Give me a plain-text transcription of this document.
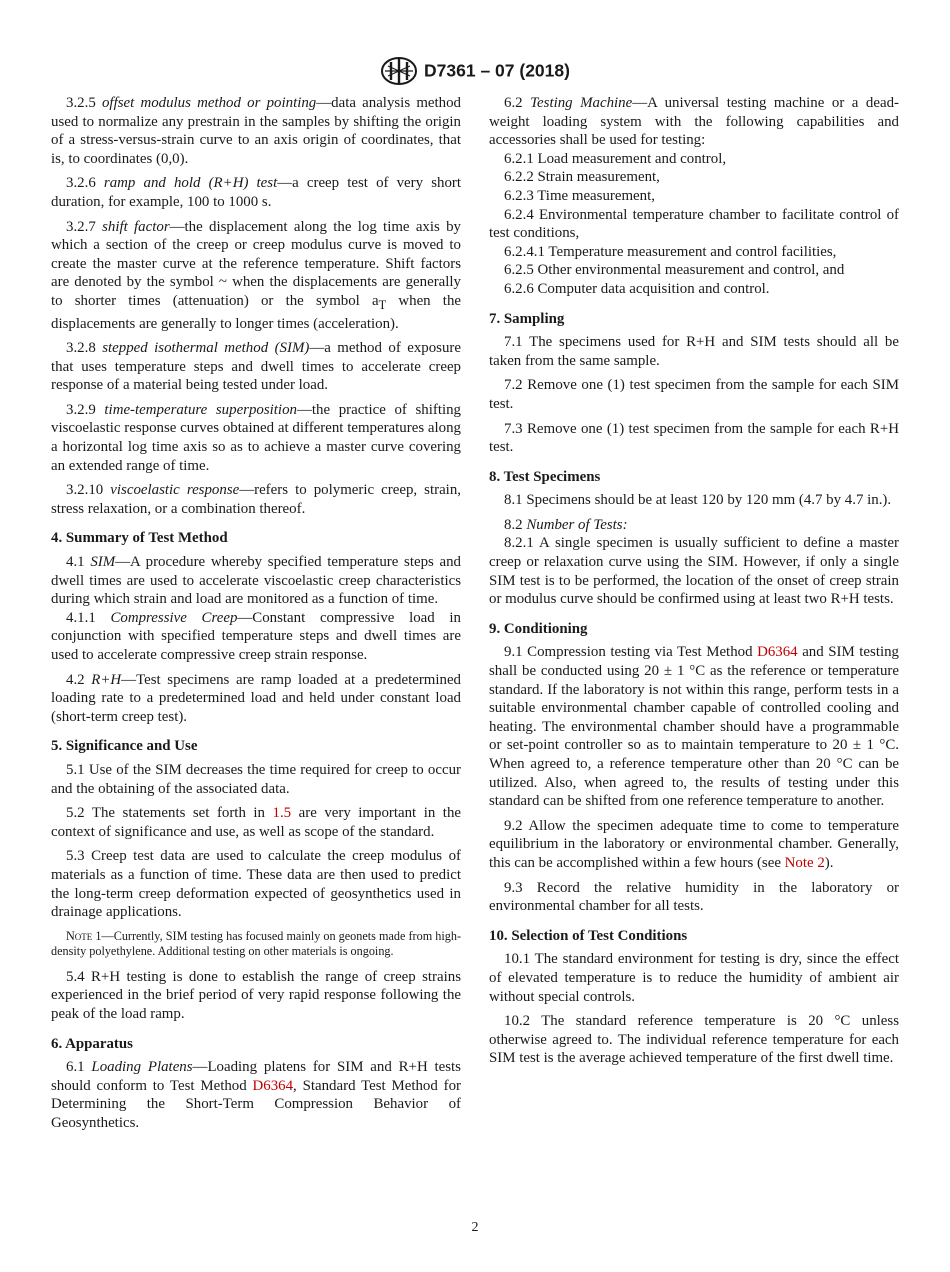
D7361 – 07 (2018)

3.2.5 offset modulus method or pointing—data analysis method used to normalize any prestrain in the samples by shifting the origin of a stress-versus-strain curve to an axis origin of coordinates, that is, to coordinates (0,0).

3.2.6 ramp and hold (R+H) test—a creep test of very short duration, for example, 100 to 1000 s.

3.2.7 shift factor—the displacement along the log time axis by which a section of the creep or creep modulus curve is moved to create the master curve at the reference temperature. Shift factors are denoted by the symbol ~ when the displacements are generally to shorter times (attenuation) or the symbol $a_T$ when the displacements are generally to longer times (acceleration).

3.2.8 stepped isothermal method (SIM)—a method of exposure that uses temperature steps and dwell times to accelerate creep response of a material being tested under load.

3.2.9 time-temperature superposition—the practice of shifting viscoelastic response curves obtained at different temperatures along a horizontal log time axis so as to achieve a master curve covering an extended range of time.

3.2.10 viscoelastic response—refers to polymeric creep, strain, stress relaxation, or a combination thereof.

4. Summary of Test Method

4.1 SIM—A procedure whereby specified temperature steps and dwell times are used to accelerate viscoelastic creep characteristics during which strain and load are monitored as a function of time.

4.1.1 Compressive Creep—Constant compressive load in conjunction with specified temperature steps and dwell times are used to accelerate compressive creep strain response.

4.2 R+H—Test specimens are ramp loaded at a predetermined loading rate to a predetermined load and held under constant load (short-term creep test).

5. Significance and Use

5.1 Use of the SIM decreases the time required for creep to occur and the obtaining of the associated data.

5.2 The statements set forth in 1.5 are very important in the context of significance and use, as well as scope of the standard.

5.3 Creep test data are used to calculate the creep modulus of materials as a function of time. These data are then used to predict the long-term creep deformation expected of geosynthetics used in drainage applications.

Note 1—Currently, SIM testing has focused mainly on geonets made from high-density polyethylene. Additional testing on other materials is ongoing.

5.4 R+H testing is done to establish the range of creep strains experienced in the brief period of very rapid response following the peak of the load ramp.

6. Apparatus

6.1 Loading Platens—Loading platens for SIM and R+H tests should conform to Test Method D6364, Standard Test Method for Determining the Short-Term Compression Behavior of Geosynthetics.

6.2 Testing Machine—A universal testing machine or a dead-weight loading system with the following capabilities and accessories shall be used for testing:

6.2.1 Load measurement and control,

6.2.2 Strain measurement,

6.2.3 Time measurement,

6.2.4 Environmental temperature chamber to facilitate control of test conditions,

6.2.4.1 Temperature measurement and control facilities,

6.2.5 Other environmental measurement and control, and

6.2.6 Computer data acquisition and control.

7. Sampling

7.1 The specimens used for R+H and SIM tests should all be taken from the same sample.

7.2 Remove one (1) test specimen from the sample for each SIM test.

7.3 Remove one (1) test specimen from the sample for each R+H test.

8. Test Specimens

8.1 Specimens should be at least 120 by 120 mm (4.7 by 4.7 in.).

8.2 Number of Tests:

8.2.1 A single specimen is usually sufficient to define a master creep or relaxation curve using the SIM. However, if only a single SIM test is to be performed, the location of the onset of creep strain or modulus curve should be confirmed using at least two R+H tests.

9. Conditioning

9.1 Compression testing via Test Method D6364 and SIM testing shall be conducted using 20 ± 1 °C as the reference or temperature standard. If the laboratory is not within this range, perform tests in a suitable environmental chamber capable of controlled cooling and heating. The environmental chamber should have a programmable or set-point controller so as to maintain temperature to 20 ± 1 °C. When agreed to, a reference temperature other than 20 °C can be utilized. Also, when agreed to, the results of testing under this standard can be shifted from one reference temperature to another.

9.2 Allow the specimen adequate time to come to temperature equilibrium in the laboratory or environmental chamber. Generally, this can be accomplished within a few hours (see Note 2).

9.3 Record the relative humidity in the laboratory or environmental chamber for all tests.

10. Selection of Test Conditions

10.1 The standard environment for testing is dry, since the effect of elevated temperature is to reduce the humidity of ambient air without special controls.

10.2 The standard reference temperature is 20 °C unless otherwise agreed to. The individual reference temperature for each SIM test is the average achieved temperature of the first dwell time.

2
